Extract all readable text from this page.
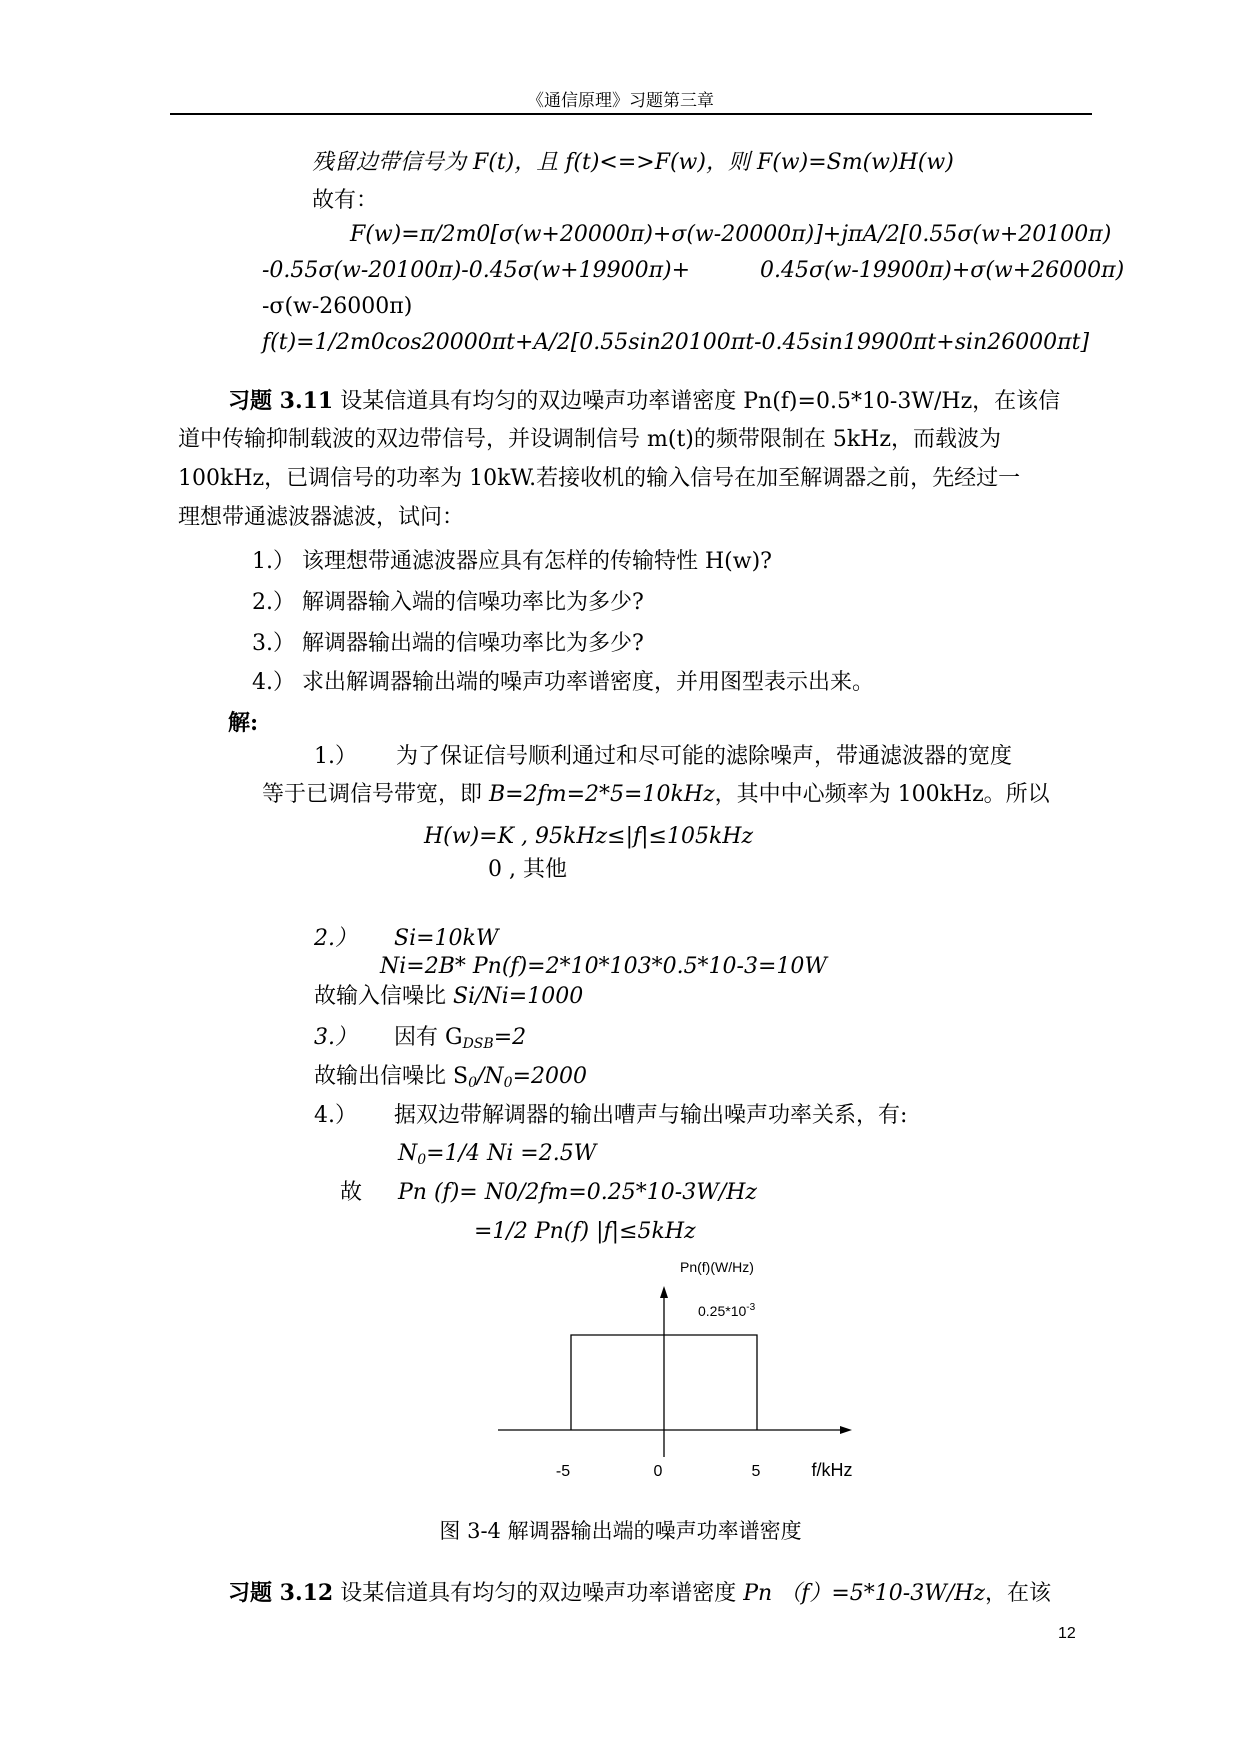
《通信原理》习题第三章
残留边带信号为 F(t)，且 f(t)<=>F(w)，则 F(w)=Sm(w)H(w)
故有：
F(w)=π/2m0[σ(w+20000π)+σ(w-20000π)]+jπA/2[0.55σ(w+20100π)
-0.55σ(w-20100π)-0.45σ(w+19900π)+	0.45σ(w-19900π)+σ(w+26000π)
-σ(w-26000π)
f(t)=1/2m0cos20000πt+A/2[0.55sin20100πt-0.45sin19900πt+sin26000πt]
习题 3.11 设某信道具有均匀的双边噪声功率谱密度 Pn(f)=0.5*10-3W/Hz，在该信
道中传输抑制载波的双边带信号，并设调制信号 m(t)的频带限制在 5kHz，而载波为
100kHz，已调信号的功率为 10kW.若接收机的输入信号在加至解调器之前，先经过一
理想带通滤波器滤波，试问：
1.） 该理想带通滤波器应具有怎样的传输特性 H(w)?
2.） 解调器输入端的信噪功率比为多少?
3.） 解调器输出端的信噪功率比为多少?
4.） 求出解调器输出端的噪声功率谱密度，并用图型表示出来。
解:
1.） 为了保证信号顺利通过和尽可能的滤除噪声，带通滤波器的宽度
等于已调信号带宽，即 B=2fm=2*5=10kHz，其中中心频率为 100kHz。所以
H(w)=K , 95kHz≤|f|≤105kHz
0 , 其他
2.） Si=10kW
Ni=2B* Pn(f)=2*10*103*0.5*10-3=10W
故输入信噪比 Si/Ni=1000
3.） 因有 $G_{DSB}=2$
故输出信噪比 $S_0/N_0=2000$
4.） 据双边带解调器的输出嘈声与输出噪声功率关系，有:
$N_0=1/4$ Ni =2.5W
故 Pn (f)= N0/2fm=0.25*10-3W/Hz
=1/2 Pn(f) |f|≤5kHz
Pn(f)(W/Hz)
$0.25*10^{-3}$
-5	0	5	f/kHz
图 3-4 解调器输出端的噪声功率谱密度
习题 3.12 设某信道具有均匀的双边噪声功率谱密度 Pn （f）=5*10-3W/Hz，在该
12
